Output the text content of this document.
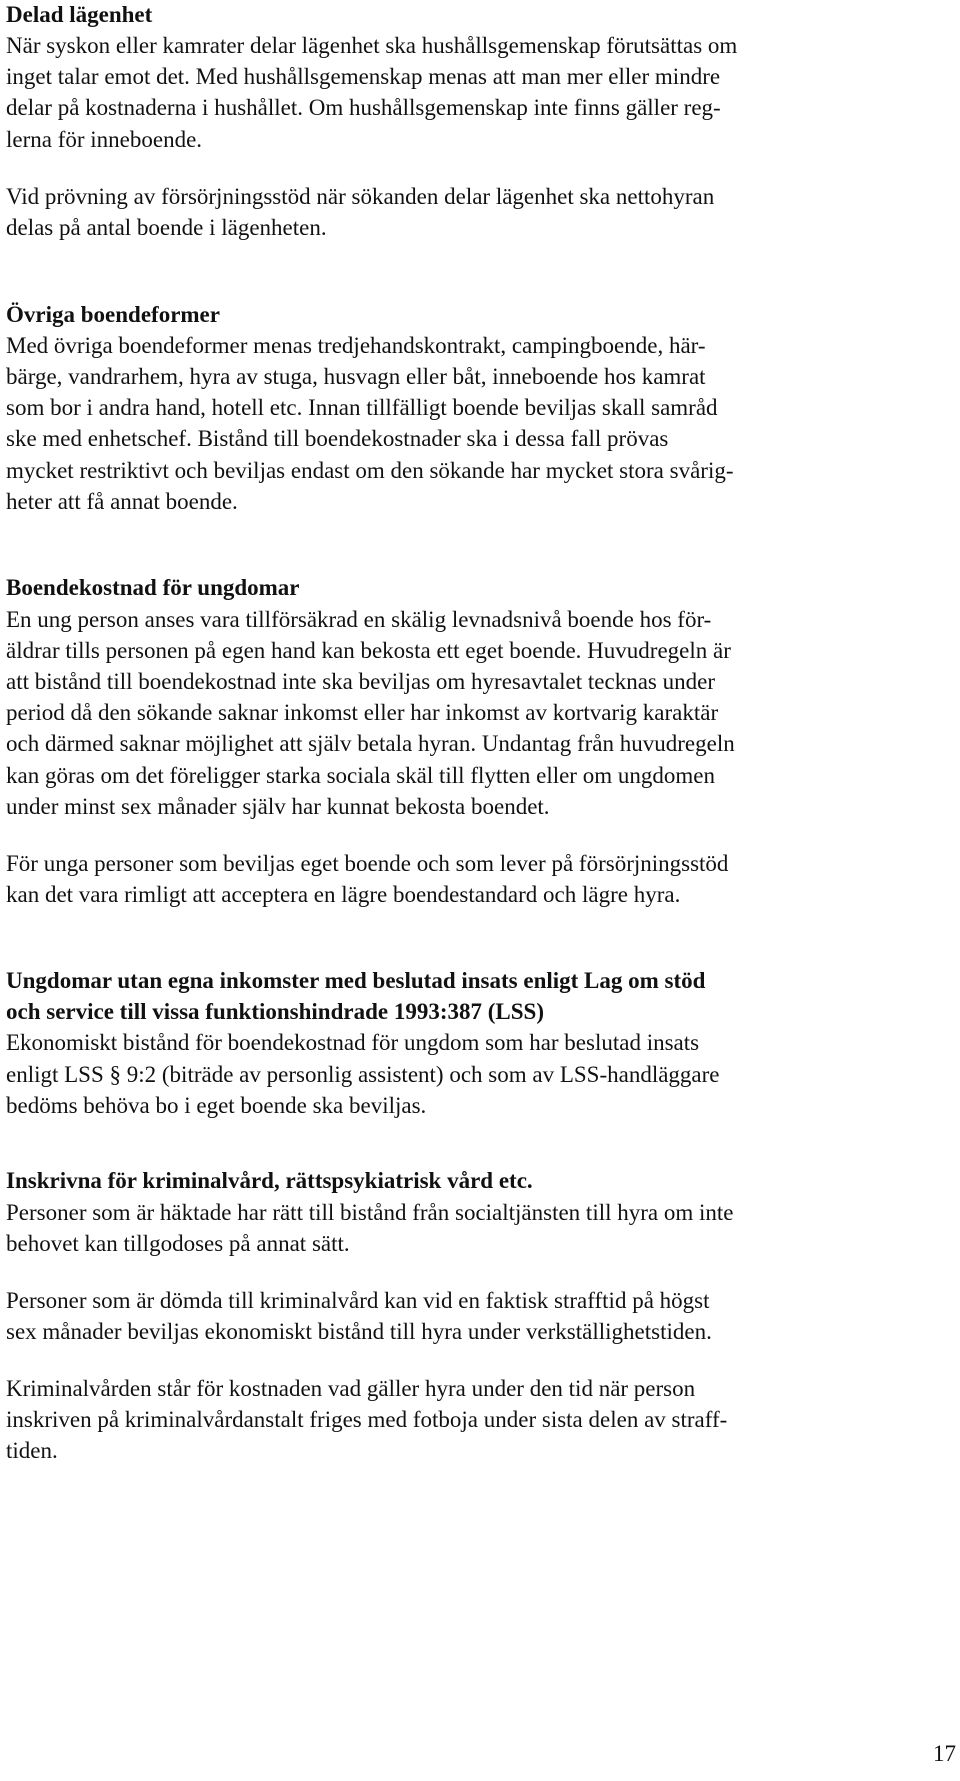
17
Delad lägenhet
När syskon eller kamrater delar lägenhet ska hushållsgemenskap förutsättas om
inget talar emot det. Med hushållsgemenskap menas att man mer eller mindre
delar på kostnaderna i hushållet. Om hushållsgemenskap inte finns gäller reg-
lerna för inneboende.
Vid prövning av försörjningsstöd när sökanden delar lägenhet ska nettohyran
delas på antal boende i lägenheten.
Övriga boendeformer
Med övriga boendeformer menas tredjehandskontrakt, campingboende, här-
bärge, vandrarhem, hyra av stuga, husvagn eller båt, inneboende hos kamrat
som bor i andra hand, hotell etc. Innan tillfälligt boende beviljas skall samråd
ske med enhetschef. Bistånd till boendekostnader ska i dessa fall prövas
mycket restriktivt och beviljas endast om den sökande har mycket stora svårig-
heter att få annat boende.
Boendekostnad för ungdomar
En ung person anses vara tillförsäkrad en skälig levnadsnivå boende hos för-
äldrar tills personen på egen hand kan bekosta ett eget boende. Huvudregeln är
att bistånd till boendekostnad inte ska beviljas om hyresavtalet tecknas under
period då den sökande saknar inkomst eller har inkomst av kortvarig karaktär
och därmed saknar möjlighet att själv betala hyran. Undantag från huvudregeln
kan göras om det föreligger starka sociala skäl till flytten eller om ungdomen
under minst sex månader själv har kunnat bekosta boendet.
För unga personer som beviljas eget boende och som lever på försörjningsstöd
kan det vara rimligt att acceptera en lägre boendestandard och lägre hyra.
Ungdomar utan egna inkomster med beslutad insats enligt Lag om stöd
och service till vissa funktionshindrade 1993:387 (LSS)
Ekonomiskt bistånd för boendekostnad för ungdom som har beslutad insats
enligt LSS § 9:2 (biträde av personlig assistent) och som av LSS-handläggare
bedöms behöva bo i eget boende ska beviljas.
Inskrivna för kriminalvård, rättspsykiatrisk vård etc.
Personer som är häktade har rätt till bistånd från socialtjänsten till hyra om inte
behovet kan tillgodoses på annat sätt.
Personer som är dömda till kriminalvård kan vid en faktisk strafftid på högst
sex månader beviljas ekonomiskt bistånd till hyra under verkställighetstiden.
Kriminalvården står för kostnaden vad gäller hyra under den tid när person
inskriven på kriminalvårdanstalt friges med fotboja under sista delen av straff-
tiden.
